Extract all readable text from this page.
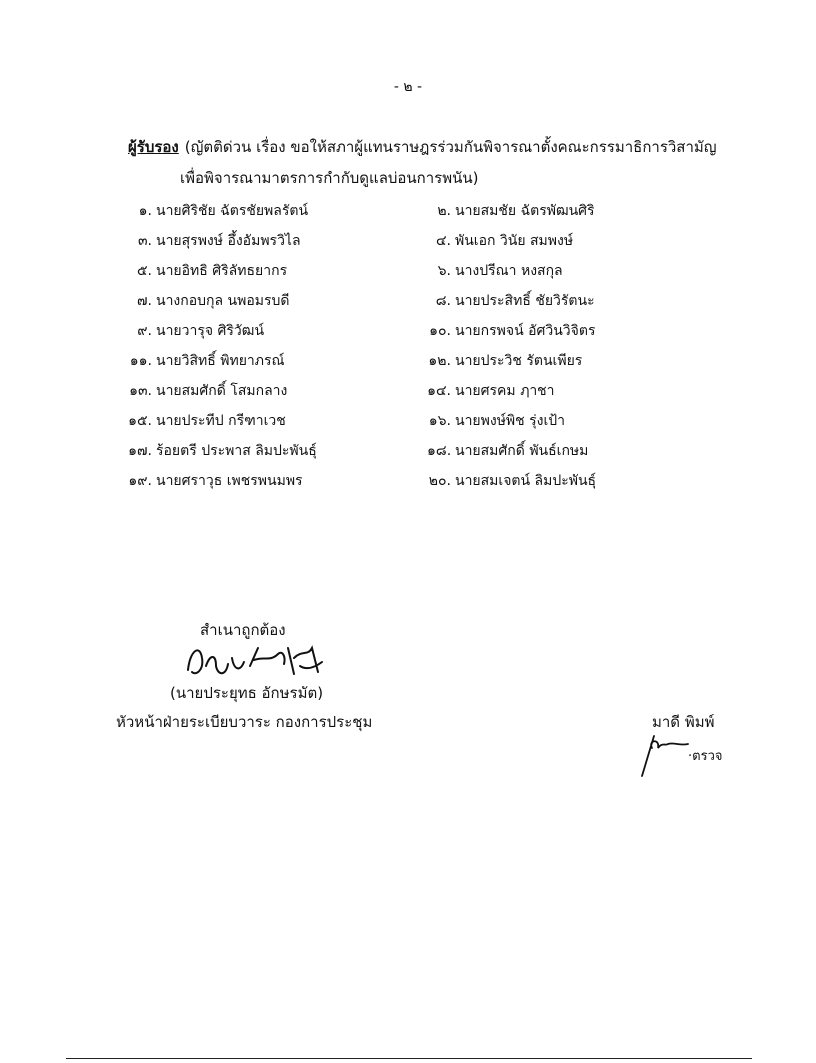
- ๒ -
ผู้รับรอง (ญัตติด่วน เรื่อง ขอให้สภาผู้แทนราษฎรร่วมกันพิจารณาตั้งคณะกรรมาธิการวิสามัญ
เพื่อพิจารณามาตรการกำกับดูแลบ่อนการพนัน)
๑. นายศิริชัย ฉัตรชัยพลรัตน์
๓. นายสุรพงษ์ อึ้งอัมพรวิไล
๕. นายอิทธิ ศิริลัทธยากร
๗. นางกอบกุล นพอมรบดี
๙. นายวารุจ ศิริวัฒน์
๑๑. นายวิสิทธิ์ พิทยาภรณ์
๑๓. นายสมศักดิ์ โสมกลาง
๑๕. นายประทีป กรีฑาเวช
๑๗. ร้อยตรี ประพาส ลิมปะพันธุ์
๑๙. นายศราวุธ เพชรพนมพร
๒. นายสมชัย ฉัตรพัฒนศิริ
๔. พันเอก วินัย สมพงษ์
๖. นางปรีณา หงสกุล
๘. นายประสิทธิ์ ชัยวิรัตนะ
๑๐. นายกรพจน์ อัศวินวิจิตร
๑๒. นายประวิช รัตนเพียร
๑๔. นายศรคม ฦาชา
๑๖. นายพงษ์พิช รุ่งเป้า
๑๘. นายสมศักดิ์ พันธ์เกษม
๒๐. นายสมเจตน์ ลิมปะพันธุ์
สำเนาถูกต้อง
(นายประยุทธ อักษรมัต)
หัวหน้าฝ่ายระเบียบวาระ กองการประชุม	มาดี พิมพ์
·ตรวจ
